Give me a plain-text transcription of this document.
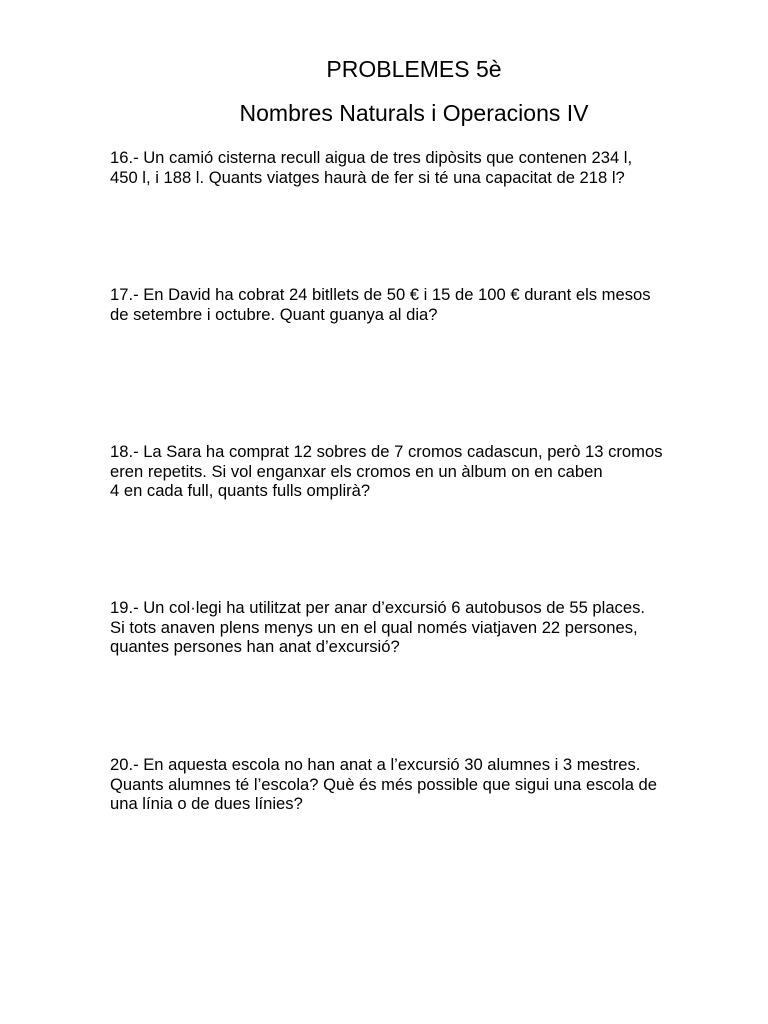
PROBLEMES 5è
Nombres Naturals i Operacions IV
16.- Un camió cisterna recull aigua de tres dipòsits que contenen 234 l,
450 l, i 188 l. Quants viatges haurà de fer si té una capacitat de 218 l?
17.- En David ha cobrat 24 bitllets de 50 € i 15 de 100 € durant els mesos
de setembre i octubre. Quant guanya al dia?
18.- La Sara ha comprat 12 sobres de 7 cromos cadascun, però 13 cromos
eren repetits. Si vol enganxar els cromos en un àlbum on en caben
4 en cada full, quants fulls omplirà?
19.- Un col·legi ha utilitzat per anar d’excursió 6 autobusos de 55 places.
Si tots anaven plens menys un en el qual només viatjaven 22 persones,
quantes persones han anat d’excursió?
20.- En aquesta escola no han anat a l’excursió 30 alumnes i 3 mestres.
Quants alumnes té l’escola? Què és més possible que sigui una escola de
una línia o de dues línies?
